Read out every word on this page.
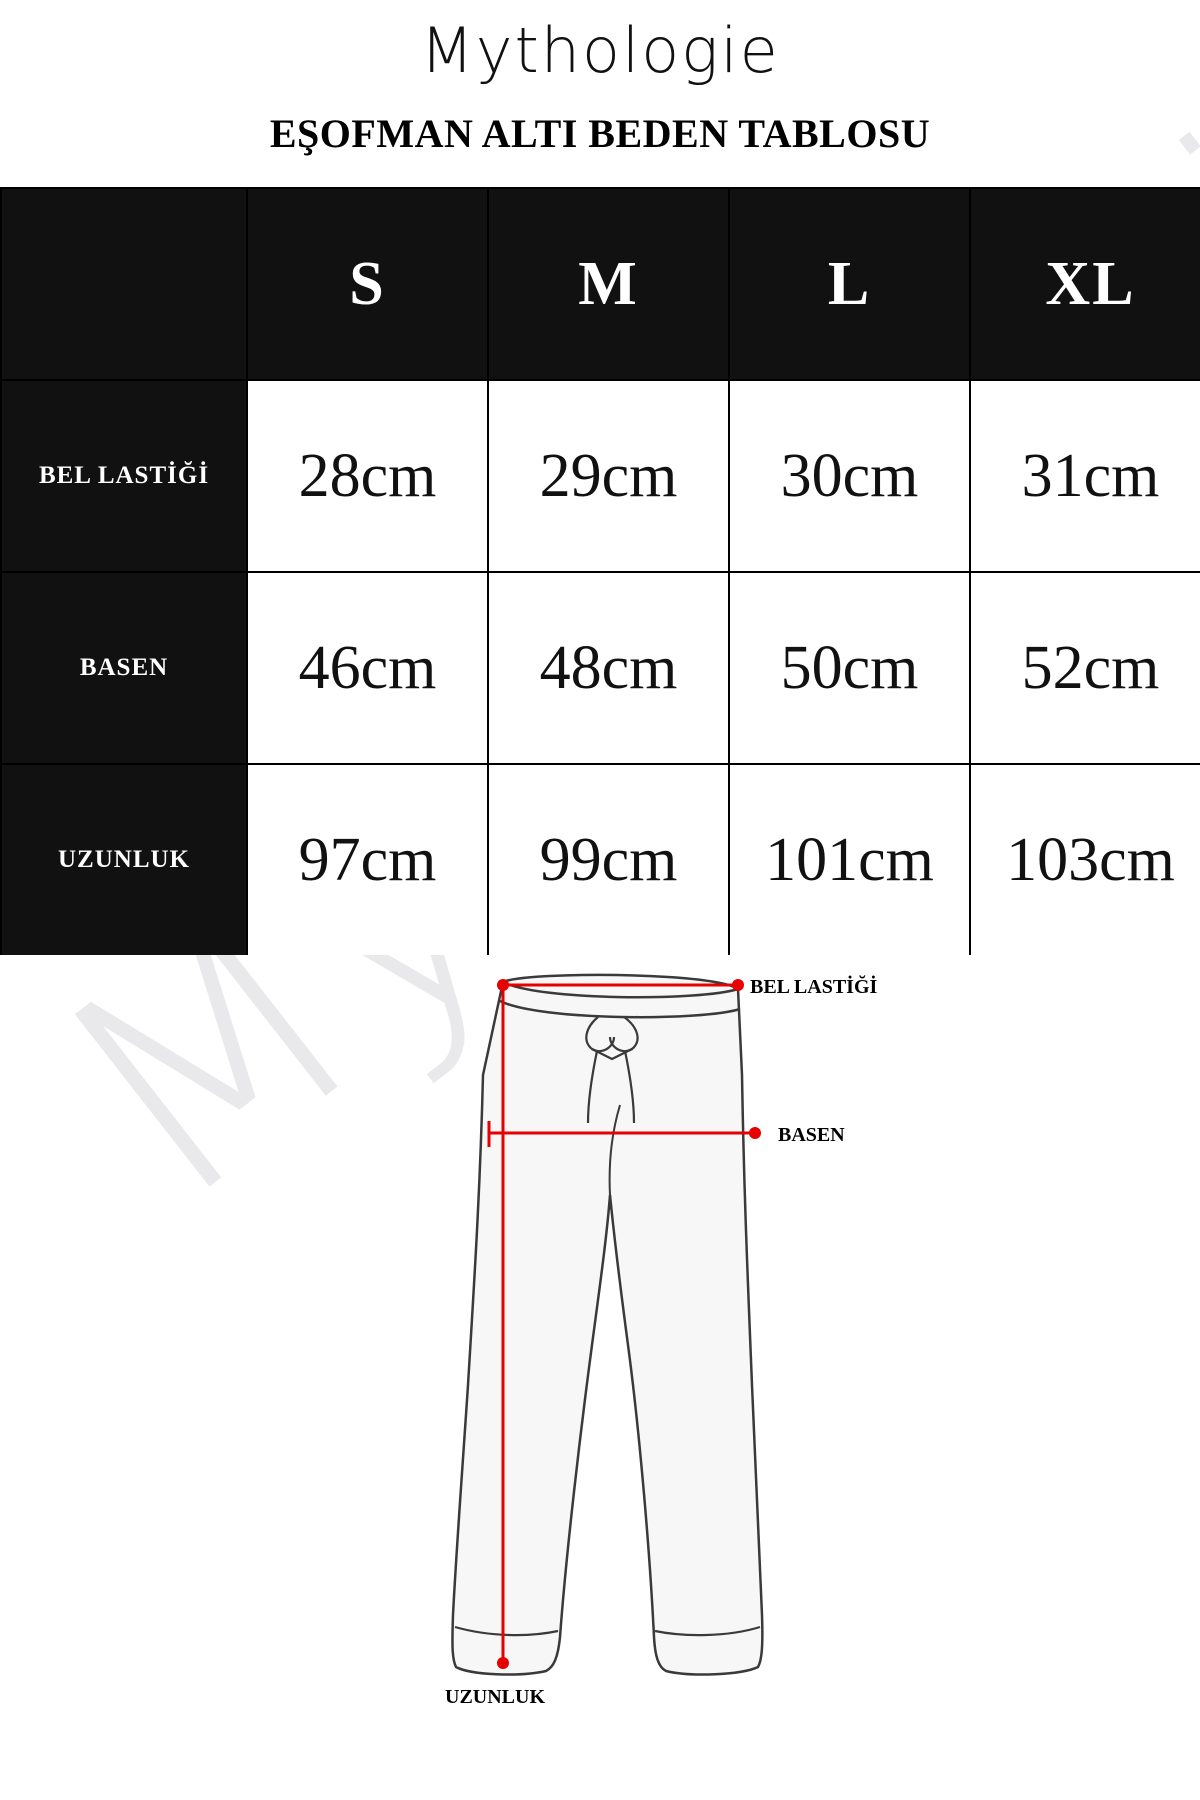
Mythologie
EŞOFMAN ALTI BEDEN TABLOSU
	S	M	L	XL
BEL LASTİĞİ	28cm	29cm	30cm	31cm
BASEN	46cm	48cm	50cm	52cm
UZUNLUK	97cm	99cm	101cm	103cm
BEL LASTİĞİ
BASEN
UZUNLUK
